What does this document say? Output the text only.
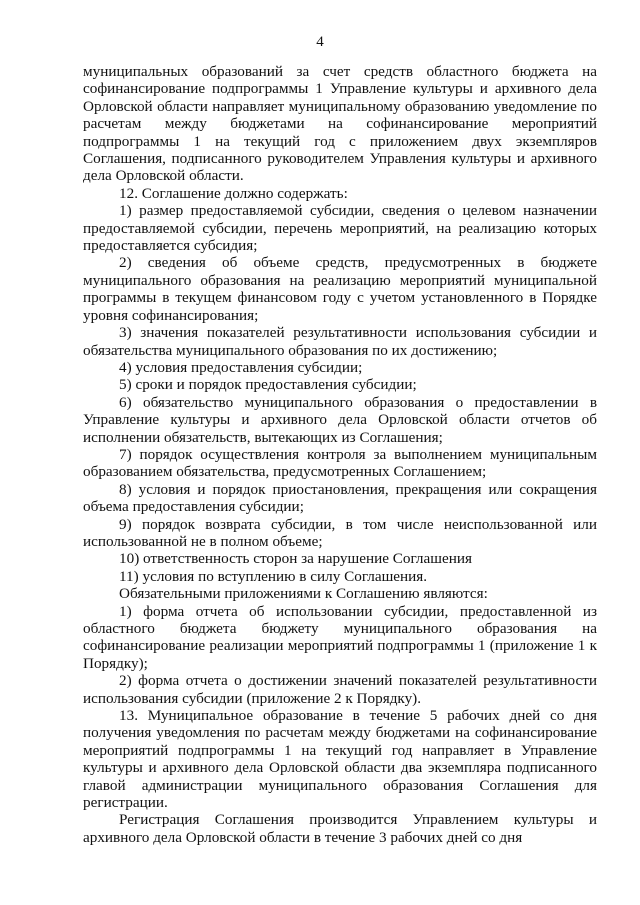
4

муниципальных образований за счет средств областного бюджета на софинансирование подпрограммы 1 Управление культуры и архивного дела Орловской области направляет муниципальному образованию уведомление по расчетам между бюджетами на софинансирование мероприятий подпрограммы 1 на текущий год с приложением двух экземпляров Соглашения, подписанного руководителем Управления культуры и архивного дела Орловской области.

12. Соглашение должно содержать:

1) размер предоставляемой субсидии, сведения о целевом назначении предоставляемой субсидии, перечень мероприятий, на реализацию которых предоставляется субсидия;

2) сведения об объеме средств, предусмотренных в бюджете муниципального образования на реализацию мероприятий муниципальной программы в текущем финансовом году с учетом установленного в Порядке уровня софинансирования;

3) значения показателей результативности использования субсидии и обязательства муниципального образования по их достижению;

4) условия предоставления субсидии;

5) сроки и порядок предоставления субсидии;

6) обязательство муниципального образования о предоставлении в Управление культуры и архивного дела Орловской области отчетов об исполнении обязательств, вытекающих из Соглашения;

7) порядок осуществления контроля за выполнением муниципальным образованием обязательства, предусмотренных Соглашением;

8) условия и порядок приостановления, прекращения или сокращения объема предоставления субсидии;

9) порядок возврата субсидии, в том числе неиспользованной или использованной не в полном объеме;

10) ответственность сторон за нарушение Соглашения

11) условия по вступлению в силу Соглашения.

Обязательными приложениями к Соглашению являются:

1) форма отчета об использовании субсидии, предоставленной из областного бюджета бюджету муниципального образования на софинансирование реализации мероприятий подпрограммы 1 (приложение 1 к Порядку);

2) форма отчета о достижении значений показателей результативности использования субсидии (приложение 2 к Порядку).

13. Муниципальное образование в течение 5 рабочих дней со дня получения уведомления по расчетам между бюджетами на софинансирование мероприятий подпрограммы 1 на текущий год направляет в Управление культуры и архивного дела Орловской области два экземпляра подписанного главой администрации муниципального образования Соглашения для регистрации.

Регистрация Соглашения производится Управлением культуры и архивного дела Орловской области в течение 3 рабочих дней со дня
